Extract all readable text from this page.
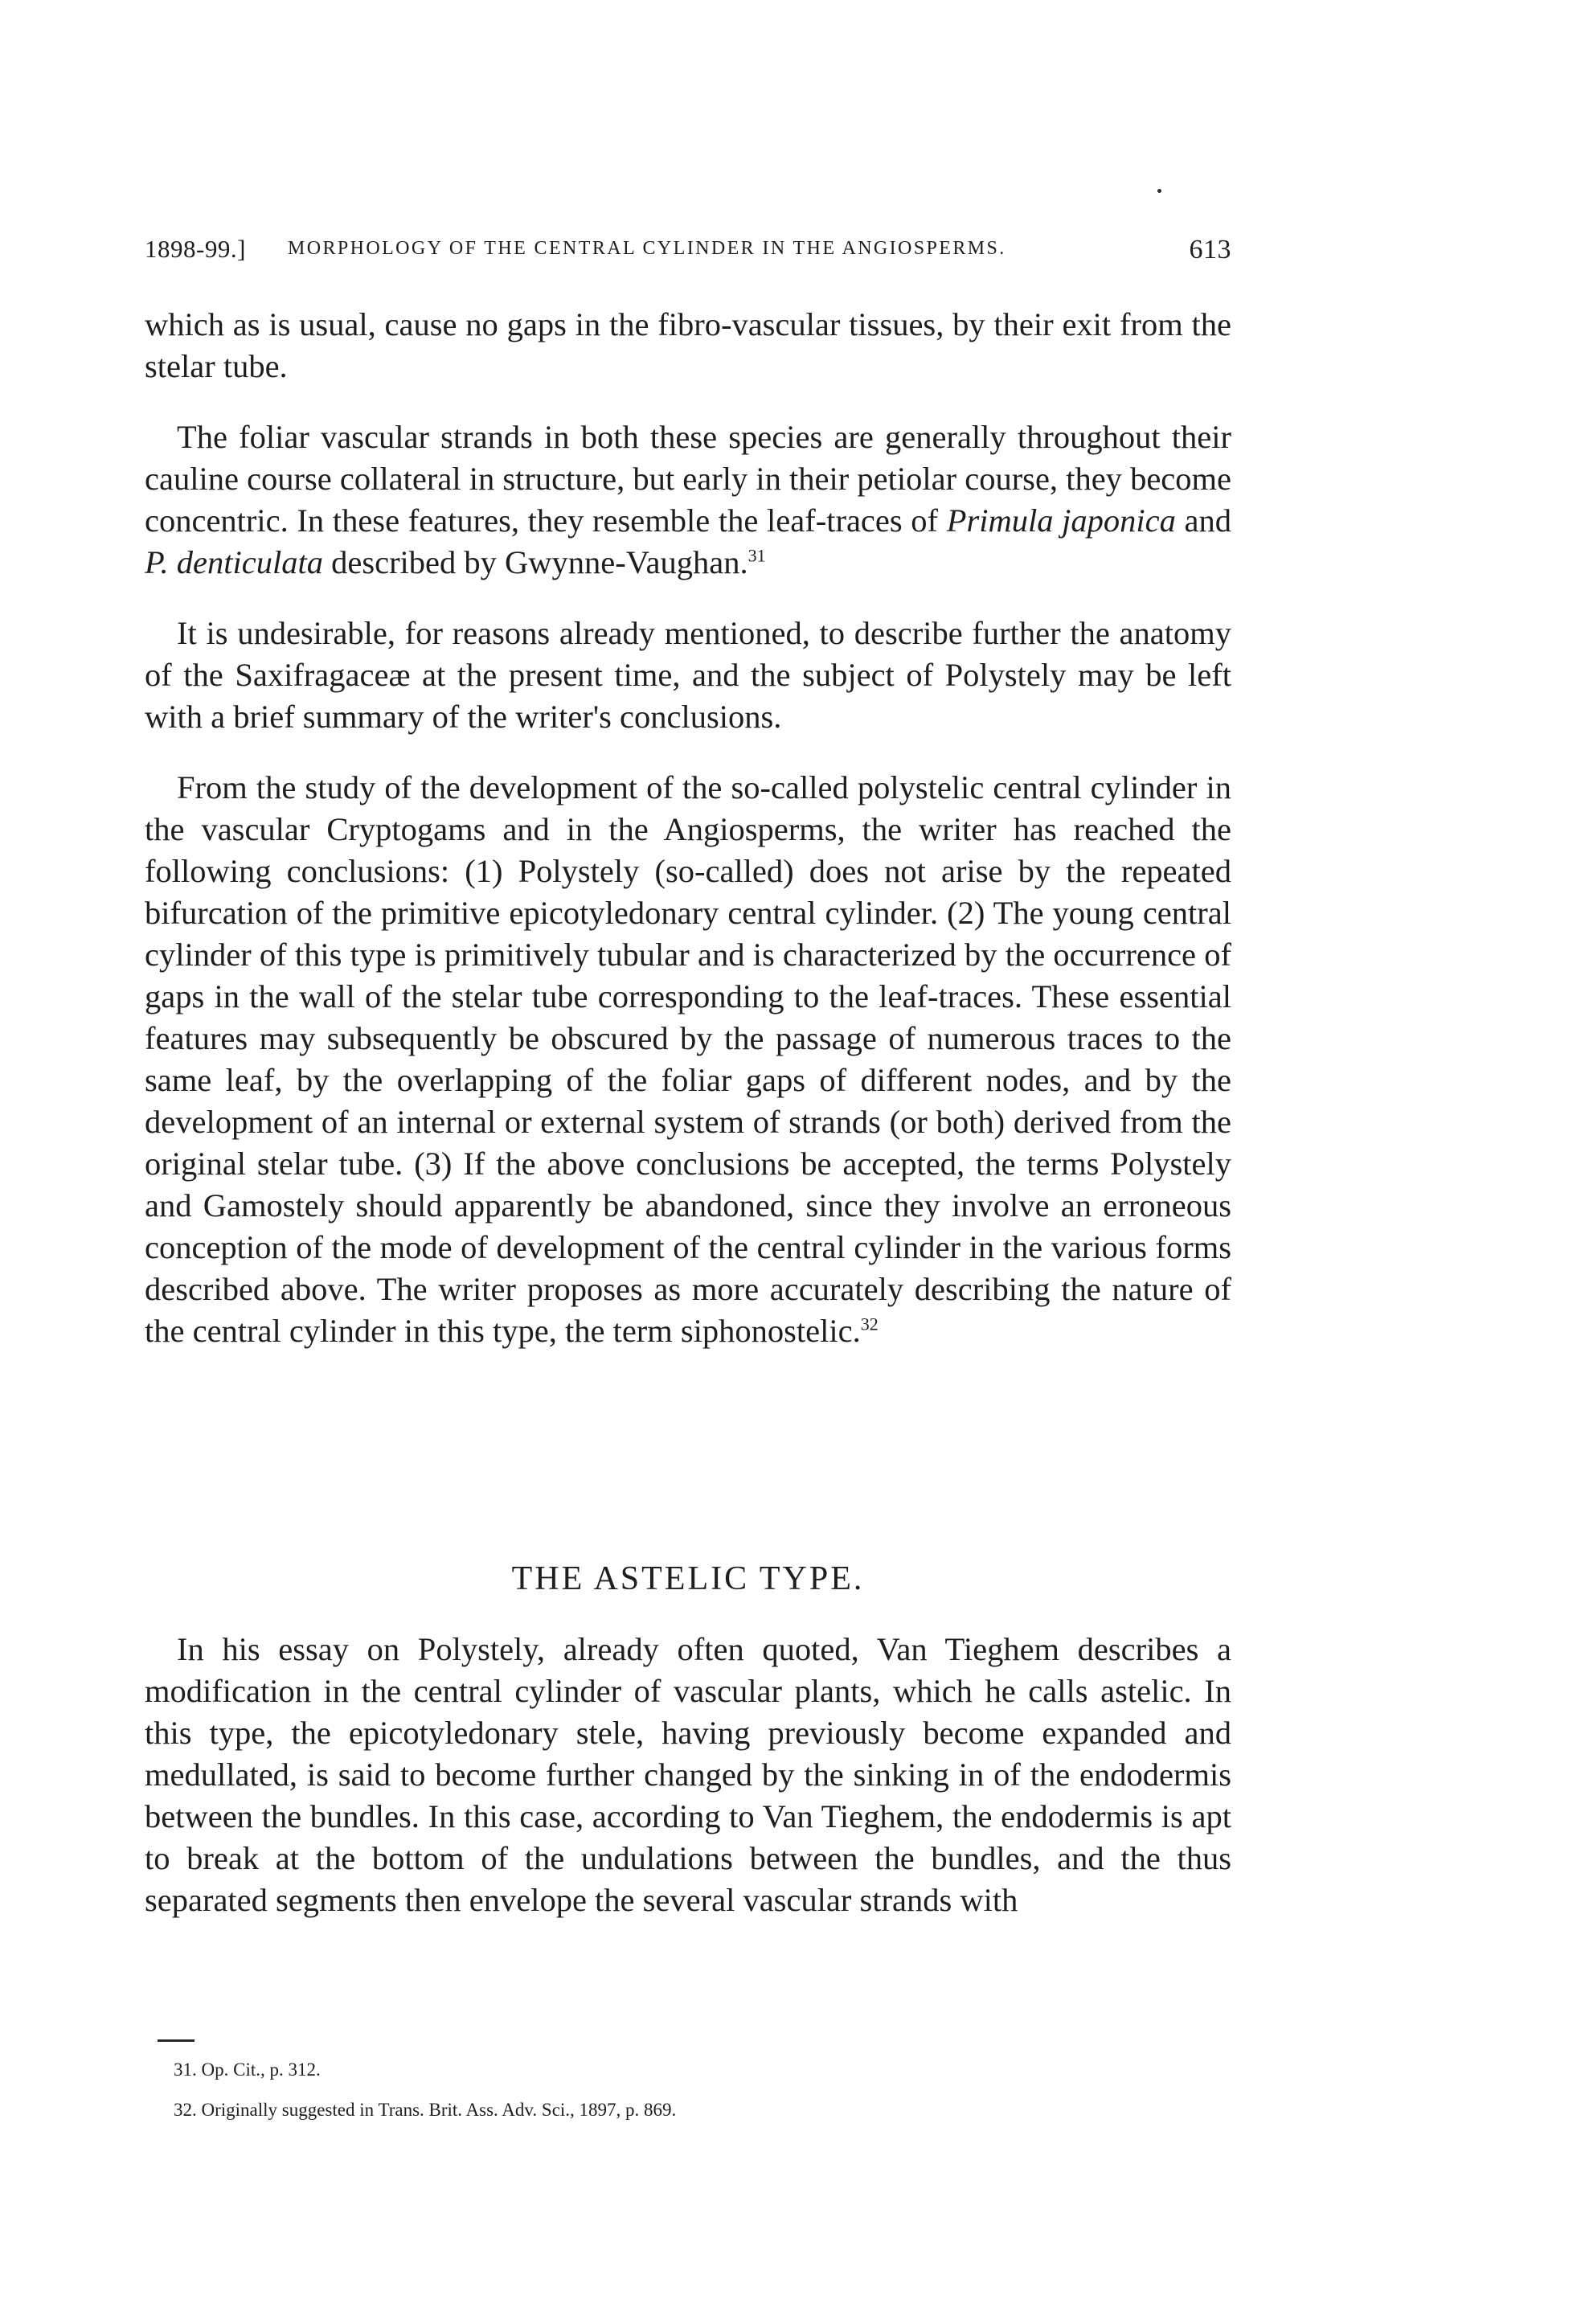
1898-99.] MORPHOLOGY OF THE CENTRAL CYLINDER IN THE ANGIOSPERMS.	613

which as is usual, cause no gaps in the fibro-vascular tissues, by their exit from the stelar tube.

The foliar vascular strands in both these species are generally throughout their cauline course collateral in structure, but early in their petiolar course, they become concentric. In these features, they resemble the leaf-traces of Primula japonica and P. denticulata described by Gwynne-Vaughan.$^{31}$

It is undesirable, for reasons already mentioned, to describe further the anatomy of the Saxifragaceæ at the present time, and the subject of Polystely may be left with a brief summary of the writer's conclusions.

From the study of the development of the so-called polystelic central cylinder in the vascular Cryptogams and in the Angiosperms, the writer has reached the following conclusions: (1) Polystely (so-called) does not arise by the repeated bifurcation of the primitive epicotyledonary central cylinder. (2) The young central cylinder of this type is primitively tubular and is characterized by the occurrence of gaps in the wall of the stelar tube corresponding to the leaf-traces. These essential features may subsequently be obscured by the passage of numerous traces to the same leaf, by the overlapping of the foliar gaps of different nodes, and by the development of an internal or external system of strands (or both) derived from the original stelar tube. (3) If the above conclusions be accepted, the terms Polystely and Gamostely should apparently be abandoned, since they involve an erroneous conception of the mode of development of the central cylinder in the various forms described above. The writer proposes as more accurately describing the nature of the central cylinder in this type, the term siphonostelic.$^{32}$

THE ASTELIC TYPE.

In his essay on Polystely, already often quoted, Van Tieghem describes a modification in the central cylinder of vascular plants, which he calls astelic. In this type, the epicotyledonary stele, having previously become expanded and medullated, is said to become further changed by the sinking in of the endodermis between the bundles. In this case, according to Van Tieghem, the endodermis is apt to break at the bottom of the undulations between the bundles, and the thus separated segments then envelope the several vascular strands with

31. Op. Cit., p. 312.

32. Originally suggested in Trans. Brit. Ass. Adv. Sci., 1897, p. 869.
